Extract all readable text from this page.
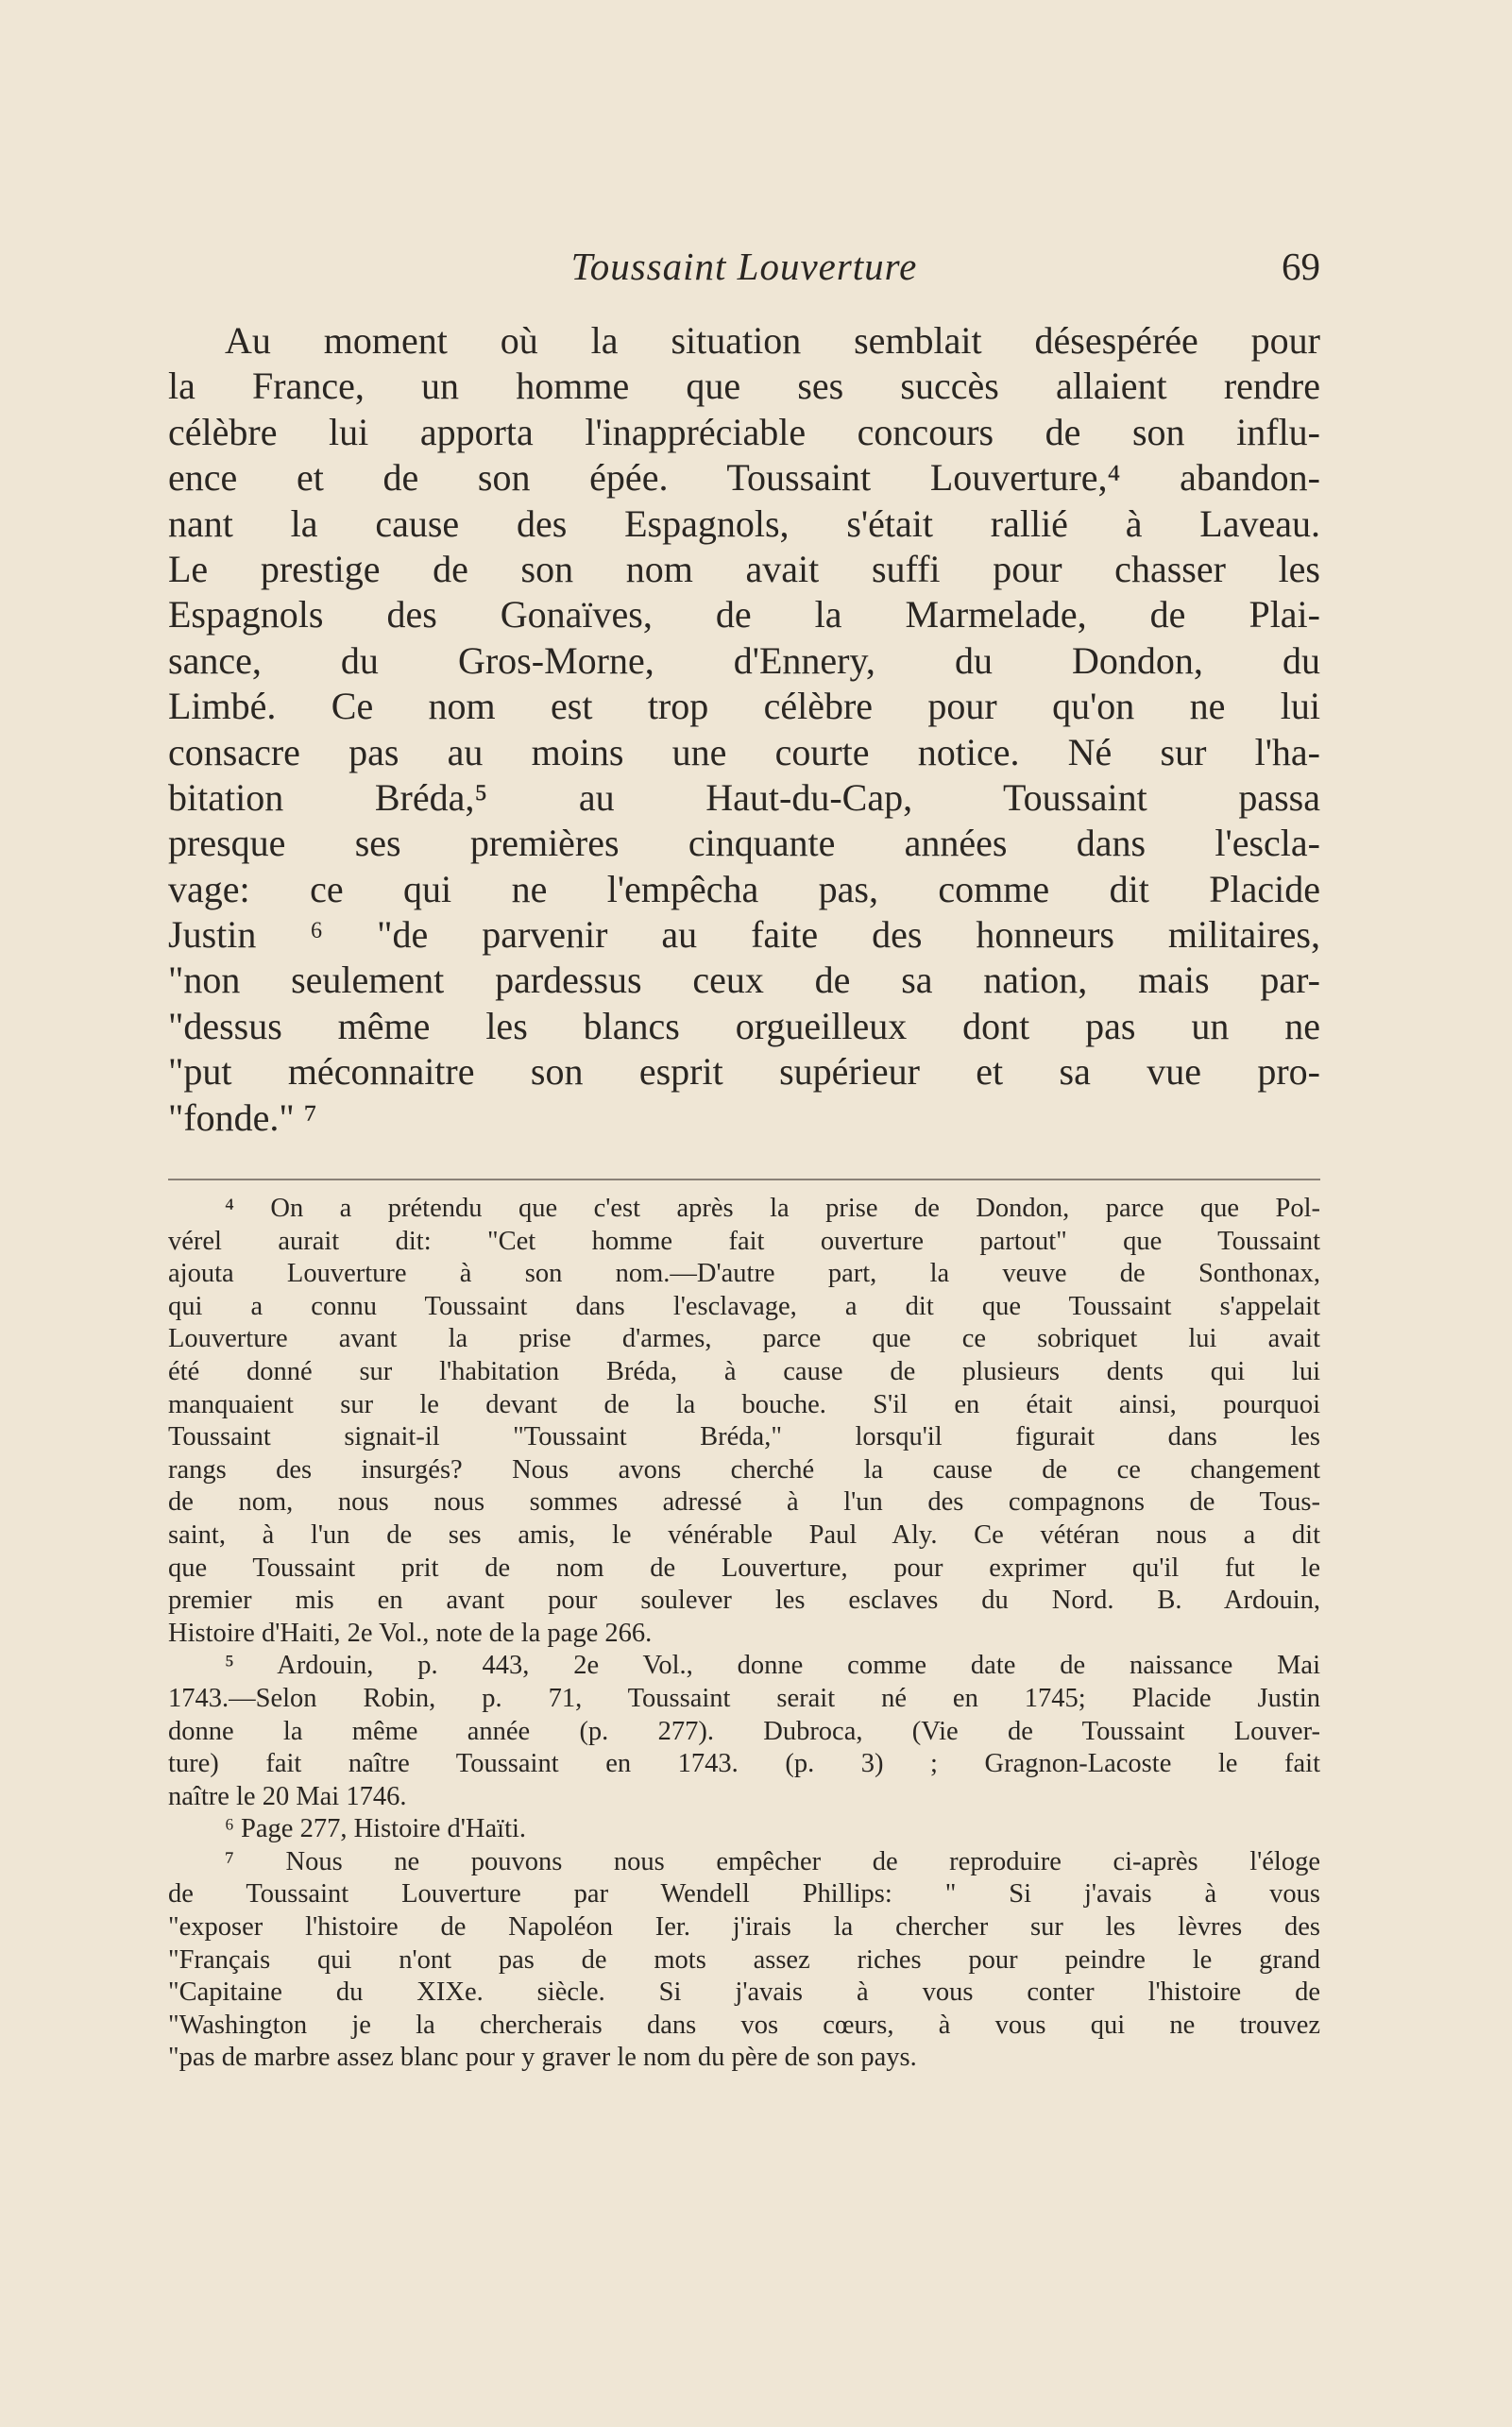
Toussaint Louverture	69
Au moment où la situation semblait désespérée pour
la France, un homme que ses succès allaient rendre
célèbre lui apporta l'inappréciable concours de son influ-
ence et de son épée. Toussaint Louverture,⁴ abandon-
nant la cause des Espagnols, s'était rallié à Laveau.
Le prestige de son nom avait suffi pour chasser les
Espagnols des Gonaïves, de la Marmelade, de Plai-
sance, du Gros-Morne, d'Ennery, du Dondon, du
Limbé. Ce nom est trop célèbre pour qu'on ne lui
consacre pas au moins une courte notice. Né sur l'ha-
bitation Bréda,⁵ au Haut-du-Cap, Toussaint passa
presque ses premières cinquante années dans l'escla-
vage: ce qui ne l'empêcha pas, comme dit Placide
Justin ⁶ "de parvenir au faite des honneurs militaires,
"non seulement pardessus ceux de sa nation, mais par-
"dessus même les blancs orgueilleux dont pas un ne
"put méconnaitre son esprit supérieur et sa vue pro-
"fonde." ⁷
⁴ On a prétendu que c'est après la prise de Dondon, parce que Pol-
vérel aurait dit: "Cet homme fait ouverture partout" que Toussaint
ajouta Louverture à son nom.—D'autre part, la veuve de Sonthonax,
qui a connu Toussaint dans l'esclavage, a dit que Toussaint s'appelait
Louverture avant la prise d'armes, parce que ce sobriquet lui avait
été donné sur l'habitation Bréda, à cause de plusieurs dents qui lui
manquaient sur le devant de la bouche. S'il en était ainsi, pourquoi
Toussaint signait-il "Toussaint Bréda," lorsqu'il figurait dans les
rangs des insurgés? Nous avons cherché la cause de ce changement
de nom, nous nous sommes adressé à l'un des compagnons de Tous-
saint, à l'un de ses amis, le vénérable Paul Aly. Ce vétéran nous a dit
que Toussaint prit de nom de Louverture, pour exprimer qu'il fut le
premier mis en avant pour soulever les esclaves du Nord. B. Ardouin,
Histoire d'Haiti, 2e Vol., note de la page 266.
⁵ Ardouin, p. 443, 2e Vol., donne comme date de naissance Mai
1743.—Selon Robin, p. 71, Toussaint serait né en 1745; Placide Justin
donne la même année (p. 277). Dubroca, (Vie de Toussaint Louver-
ture) fait naître Toussaint en 1743. (p. 3) ; Gragnon-Lacoste le fait
naître le 20 Mai 1746.
⁶ Page 277, Histoire d'Haïti.
⁷ Nous ne pouvons nous empêcher de reproduire ci-après l'éloge
de Toussaint Louverture par Wendell Phillips: " Si j'avais à vous
"exposer l'histoire de Napoléon Ier. j'irais la chercher sur les lèvres des
"Français qui n'ont pas de mots assez riches pour peindre le grand
"Capitaine du XIXe. siècle. Si j'avais à vous conter l'histoire de
"Washington je la chercherais dans vos cœurs, à vous qui ne trouvez
"pas de marbre assez blanc pour y graver le nom du père de son pays.
